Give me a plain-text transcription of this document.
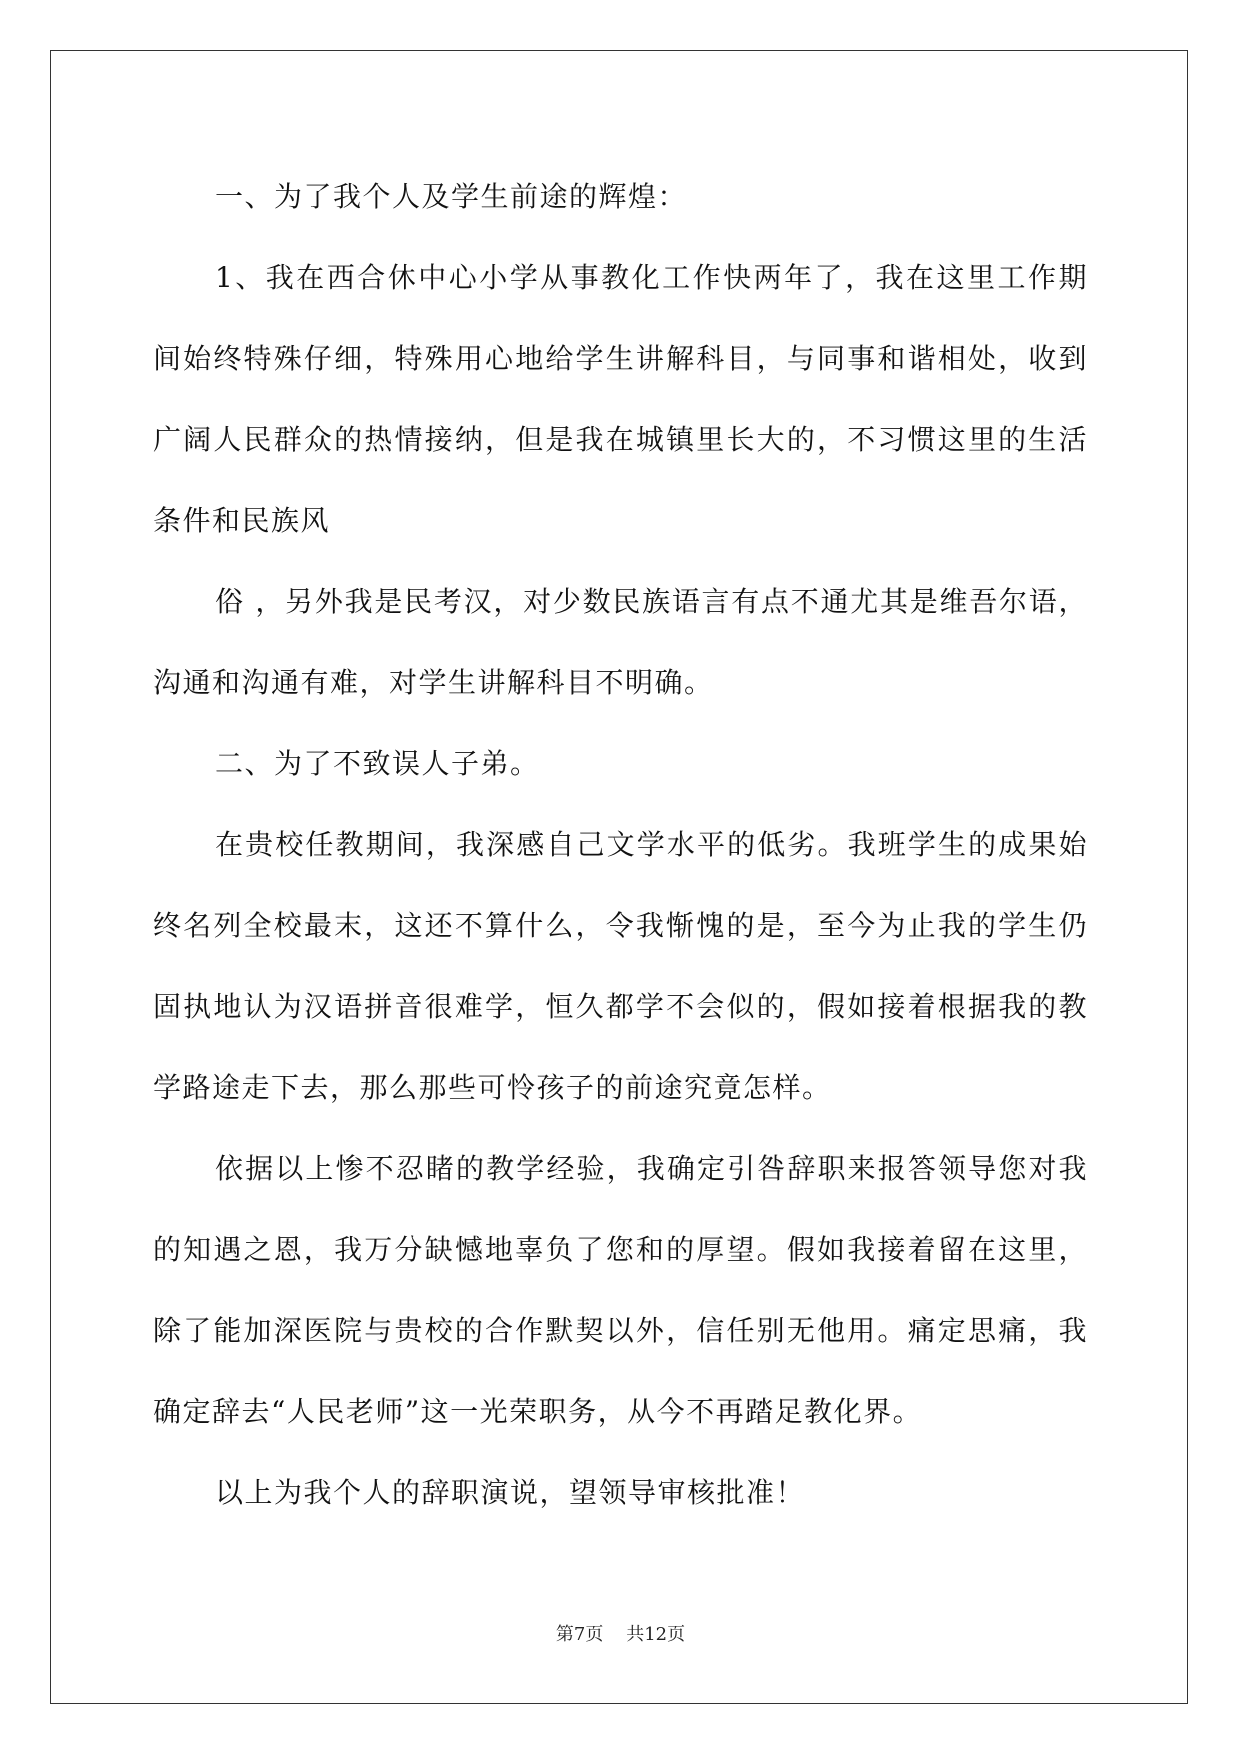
一、为了我个人及学生前途的辉煌：

1、我在西合休中心小学从事教化工作快两年了，我在这里工作期间始终特殊仔细，特殊用心地给学生讲解科目，与同事和谐相处，收到广阔人民群众的热情接纳，但是我在城镇里长大的，不习惯这里的生活条件和民族风

俗 ，另外我是民考汉，对少数民族语言有点不通尤其是维吾尔语，沟通和沟通有难，对学生讲解科目不明确。

二、为了不致误人子弟。

在贵校任教期间，我深感自己文学水平的低劣。我班学生的成果始终名列全校最末，这还不算什么，令我惭愧的是，至今为止我的学生仍固执地认为汉语拼音很难学，恒久都学不会似的，假如接着根据我的教学路途走下去，那么那些可怜孩子的前途究竟怎样。

依据以上惨不忍睹的教学经验，我确定引咎辞职来报答领导您对我的知遇之恩，我万分缺憾地辜负了您和的厚望。假如我接着留在这里，除了能加深医院与贵校的合作默契以外，信任别无他用。痛定思痛，我确定辞去“人民老师”这一光荣职务，从今不再踏足教化界。

以上为我个人的辞职演说，望领导审核批准！

第7页 共12页
